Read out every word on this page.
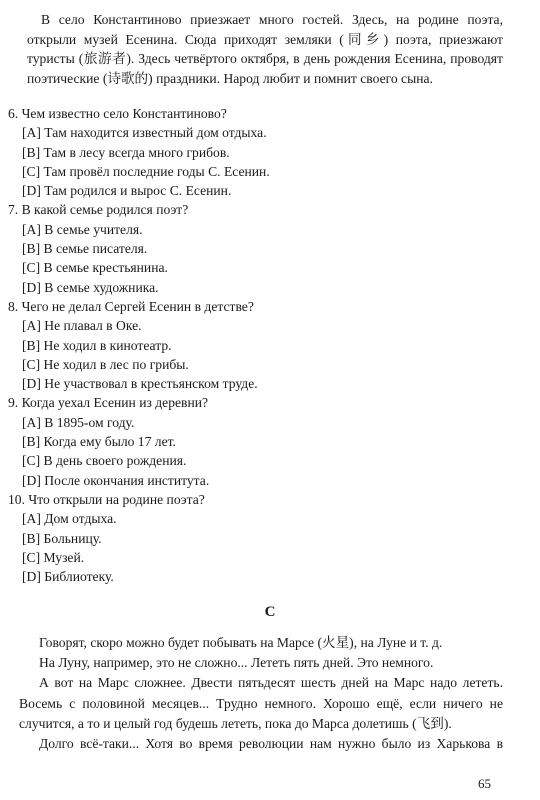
В село Константиново приезжает много гостей. Здесь, на родине поэта, открыли музей Есенина. Сюда приходят земляки (同乡) поэта, приезжают туристы (旅游者). Здесь четвёртого октября, в день рождения Есенина, проводят поэтические (诗歌的) праздники. Народ любит и помнит своего сына.

6. Чем известно село Константиново?
[A] Там находится известный дом отдыха.
[B] Там в лесу всегда много грибов.
[C] Там провёл последние годы С. Есенин.
[D] Там родился и вырос С. Есенин.
7. В какой семье родился поэт?
[A] В семье учителя.
[B] В семье писателя.
[C] В семье крестьянина.
[D] В семье художника.
8. Чего не делал Сергей Есенин в детстве?
[A] Не плавал в Оке.
[B] Не ходил в кинотеатр.
[C] Не ходил в лес по грибы.
[D] Не участвовал в крестьянском труде.
9. Когда уехал Есенин из деревни?
[A] В 1895-ом году.
[B] Когда ему было 17 лет.
[C] В день своего рождения.
[D] После окончания института.
10. Что открыли на родине поэта?
[A] Дом отдыха.
[B] Больницу.
[C] Музей.
[D] Библиотеку.
C

Говорят, скоро можно будет побывать на Марсе (火星), на Луне и т. д.

На Луну, например, это не сложно... Лететь пять дней. Это немного.

А вот на Марс сложнее. Двести пятьдесят шесть дней на Марс надо лететь. Восемь с половиной месяцев... Трудно немного. Хорошо ещё, если ничего не случится, а то и целый год будешь лететь, пока до Марса долетишь (飞到).

Долго всё-таки... Хотя во время революции нам нужно было из Харькова в

65
